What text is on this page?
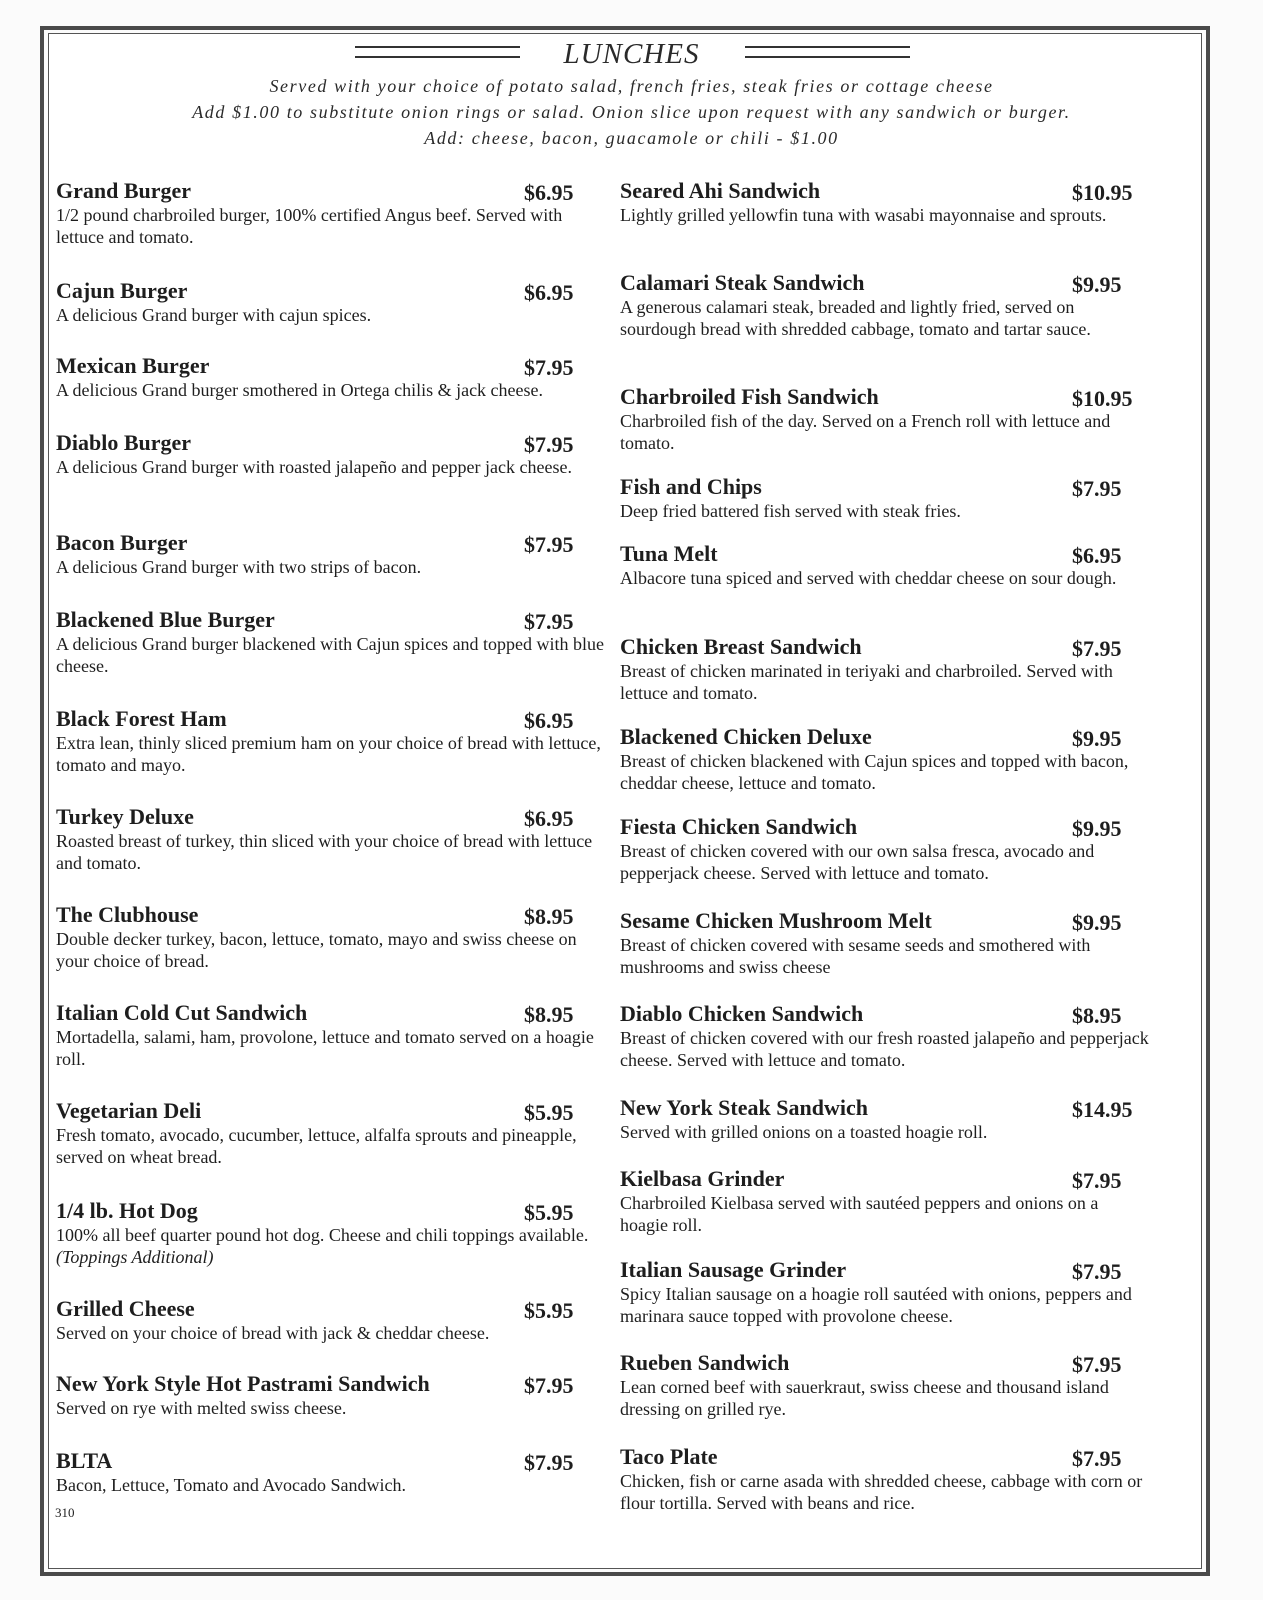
LUNCHES
Served with your choice of potato salad, french fries, steak fries or cottage cheese
Add $1.00 to substitute onion rings or salad. Onion slice upon request with any sandwich or burger.
Add: cheese, bacon, guacamole or chili - $1.00
Grand Burger	$6.95
1/2 pound charbroiled burger, 100% certified Angus beef. Served with lettuce and tomato.
Cajun Burger	$6.95
A delicious Grand burger with cajun spices.
Mexican Burger	$7.95
A delicious Grand burger smothered in Ortega chilis & jack cheese.
Diablo Burger	$7.95
A delicious Grand burger with roasted jalapeño and pepper jack cheese.
Bacon Burger	$7.95
A delicious Grand burger with two strips of bacon.
Blackened Blue Burger	$7.95
A delicious Grand burger blackened with Cajun spices and topped with blue cheese.
Black Forest Ham	$6.95
Extra lean, thinly sliced premium ham on your choice of bread with lettuce, tomato and mayo.
Turkey Deluxe	$6.95
Roasted breast of turkey, thin sliced with your choice of bread with lettuce and tomato.
The Clubhouse	$8.95
Double decker turkey, bacon, lettuce, tomato, mayo and swiss cheese on your choice of bread.
Italian Cold Cut Sandwich	$8.95
Mortadella, salami, ham, provolone, lettuce and tomato served on a hoagie roll.
Vegetarian Deli	$5.95
Fresh tomato, avocado, cucumber, lettuce, alfalfa sprouts and pineapple, served on wheat bread.
1/4 lb. Hot Dog	$5.95
100% all beef quarter pound hot dog. Cheese and chili toppings available. (Toppings Additional)
Grilled Cheese	$5.95
Served on your choice of bread with jack & cheddar cheese.
New York Style Hot Pastrami Sandwich	$7.95
Served on rye with melted swiss cheese.
BLTA	$7.95
Bacon, Lettuce, Tomato and Avocado Sandwich.
Seared Ahi Sandwich	$10.95
Lightly grilled yellowfin tuna with wasabi mayonnaise and sprouts.
Calamari Steak Sandwich	$9.95
A generous calamari steak, breaded and lightly fried, served on sourdough bread with shredded cabbage, tomato and tartar sauce.
Charbroiled Fish Sandwich	$10.95
Charbroiled fish of the day. Served on a French roll with lettuce and tomato.
Fish and Chips	$7.95
Deep fried battered fish served with steak fries.
Tuna Melt	$6.95
Albacore tuna spiced and served with cheddar cheese on sour dough.
Chicken Breast Sandwich	$7.95
Breast of chicken marinated in teriyaki and charbroiled. Served with lettuce and tomato.
Blackened Chicken Deluxe	$9.95
Breast of chicken blackened with Cajun spices and topped with bacon, cheddar cheese, lettuce and tomato.
Fiesta Chicken Sandwich	$9.95
Breast of chicken covered with our own salsa fresca, avocado and pepperjack cheese. Served with lettuce and tomato.
Sesame Chicken Mushroom Melt	$9.95
Breast of chicken covered with sesame seeds and smothered with mushrooms and swiss cheese
Diablo Chicken Sandwich	$8.95
Breast of chicken covered with our fresh roasted jalapeño and pepperjack cheese. Served with lettuce and tomato.
New York Steak Sandwich	$14.95
Served with grilled onions on a toasted hoagie roll.
Kielbasa Grinder	$7.95
Charbroiled Kielbasa served with sautéed peppers and onions on a hoagie roll.
Italian Sausage Grinder	$7.95
Spicy Italian sausage on a hoagie roll sautéed with onions, peppers and marinara sauce topped with provolone cheese.
Rueben Sandwich	$7.95
Lean corned beef with sauerkraut, swiss cheese and thousand island dressing on grilled rye.
Taco Plate	$7.95
Chicken, fish or carne asada with shredded cheese, cabbage with corn or flour tortilla. Served with beans and rice.
310
